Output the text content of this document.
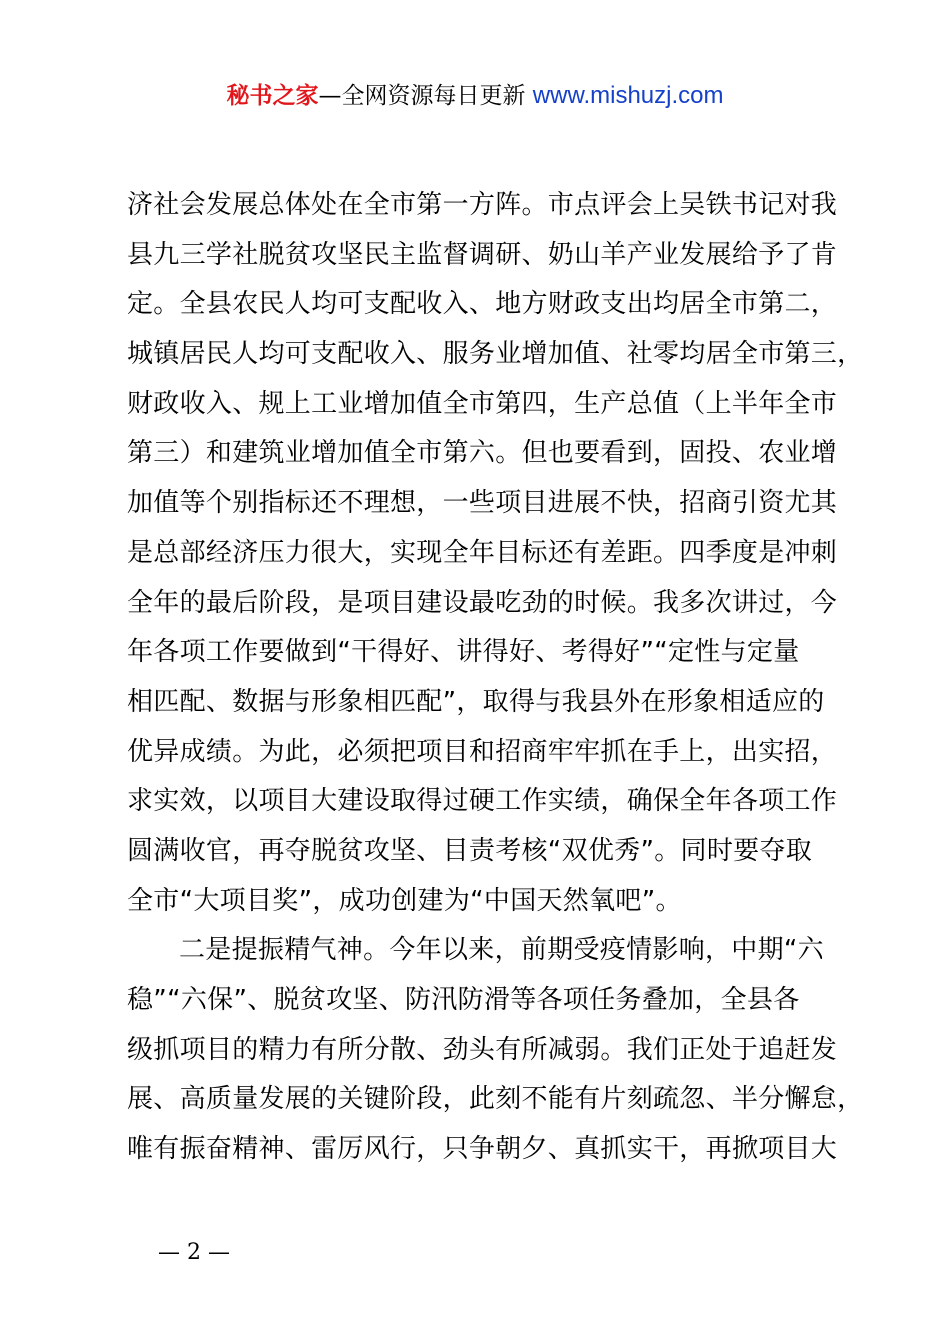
秘书之家—全网资源每日更新 www.mishuzj.com
济社会发展总体处在全市第一方阵。市点评会上吴铁书记对我
县九三学社脱贫攻坚民主监督调研、奶山羊产业发展给予了肯
定。全县农民人均可支配收入、地方财政支出均居全市第二，
城镇居民人均可支配收入、服务业增加值、社零均居全市第三，
财政收入、规上工业增加值全市第四，生产总值（上半年全市
第三）和建筑业增加值全市第六。但也要看到，固投、农业增
加值等个别指标还不理想，一些项目进展不快，招商引资尤其
是总部经济压力很大，实现全年目标还有差距。四季度是冲刺
全年的最后阶段，是项目建设最吃劲的时候。我多次讲过，今
年各项工作要做到“干得好、讲得好、考得好”“定性与定量
相匹配、数据与形象相匹配”，取得与我县外在形象相适应的
优异成绩。为此，必须把项目和招商牢牢抓在手上，出实招，
求实效，以项目大建设取得过硬工作实绩，确保全年各项工作
圆满收官，再夺脱贫攻坚、目责考核“双优秀”。同时要夺取
全市“大项目奖”，成功创建为“中国天然氧吧”。
二是提振精气神。今年以来，前期受疫情影响，中期“六
稳”“六保”、脱贫攻坚、防汛防滑等各项任务叠加，全县各
级抓项目的精力有所分散、劲头有所减弱。我们正处于追赶发
展、高质量发展的关键阶段，此刻不能有片刻疏忽、半分懈怠，
唯有振奋精神、雷厉风行，只争朝夕、真抓实干，再掀项目大
— 2 —
